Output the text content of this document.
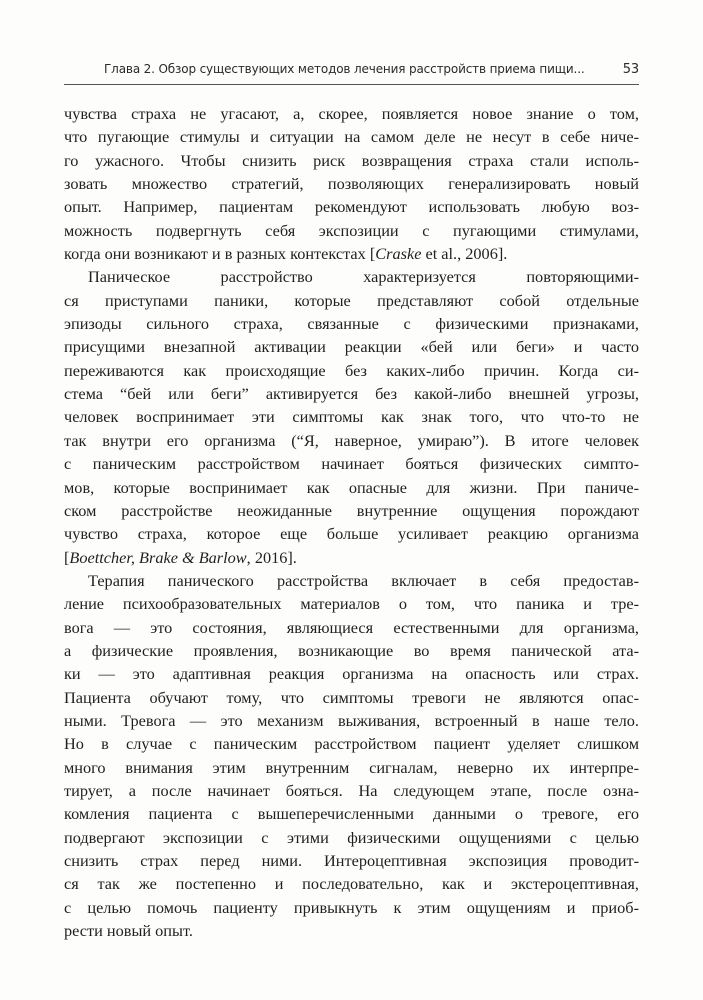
Глава 2. Обзор существующих методов лечения расстройств приема пищи...	53
чувства страха не угасают, а, скорее, появляется новое знание о том,
что пугающие стимулы и ситуации на самом деле не несут в себе ниче-
го ужасного. Чтобы снизить риск возвращения страха стали исполь-
зовать множество стратегий, позволяющих генерализировать новый
опыт. Например, пациентам рекомендуют использовать любую воз-
можность подвергнуть себя экспозиции с пугающими стимулами,
когда они возникают и в разных контекстах [Craske et al., 2006].
Паническое расстройство характеризуется повторяющими-
ся приступами паники, которые представляют собой отдельные
эпизоды сильного страха, связанные с физическими признаками,
присущими внезапной активации реакции «бей или беги» и часто
переживаются как происходящие без каких-либо причин. Когда си-
стема “бей или беги” активируется без какой-либо внешней угрозы,
человек воспринимает эти симптомы как знак того, что что-то не
так внутри его организма (“Я, наверное, умираю”). В итоге человек
с паническим расстройством начинает бояться физических симпто-
мов, которые воспринимает как опасные для жизни. При паниче-
ском расстройстве неожиданные внутренние ощущения порождают
чувство страха, которое еще больше усиливает реакцию организма
[Boettcher, Brake & Barlow, 2016].
Терапия панического расстройства включает в себя предостав-
ление психообразовательных материалов о том, что паника и тре-
вога — это состояния, являющиеся естественными для организма,
а физические проявления, возникающие во время панической ата-
ки — это адаптивная реакция организма на опасность или страх.
Пациента обучают тому, что симптомы тревоги не являются опас-
ными. Тревога — это механизм выживания, встроенный в наше тело.
Но в случае с паническим расстройством пациент уделяет слишком
много внимания этим внутренним сигналам, неверно их интерпре-
тирует, а после начинает бояться. На следующем этапе, после озна-
комления пациента с вышеперечисленными данными о тревоге, его
подвергают экспозиции с этими физическими ощущениями с целью
снизить страх перед ними. Интероцептивная экспозиция проводит-
ся так же постепенно и последовательно, как и экстероцептивная,
с целью помочь пациенту привыкнуть к этим ощущениям и приоб-
рести новый опыт.
